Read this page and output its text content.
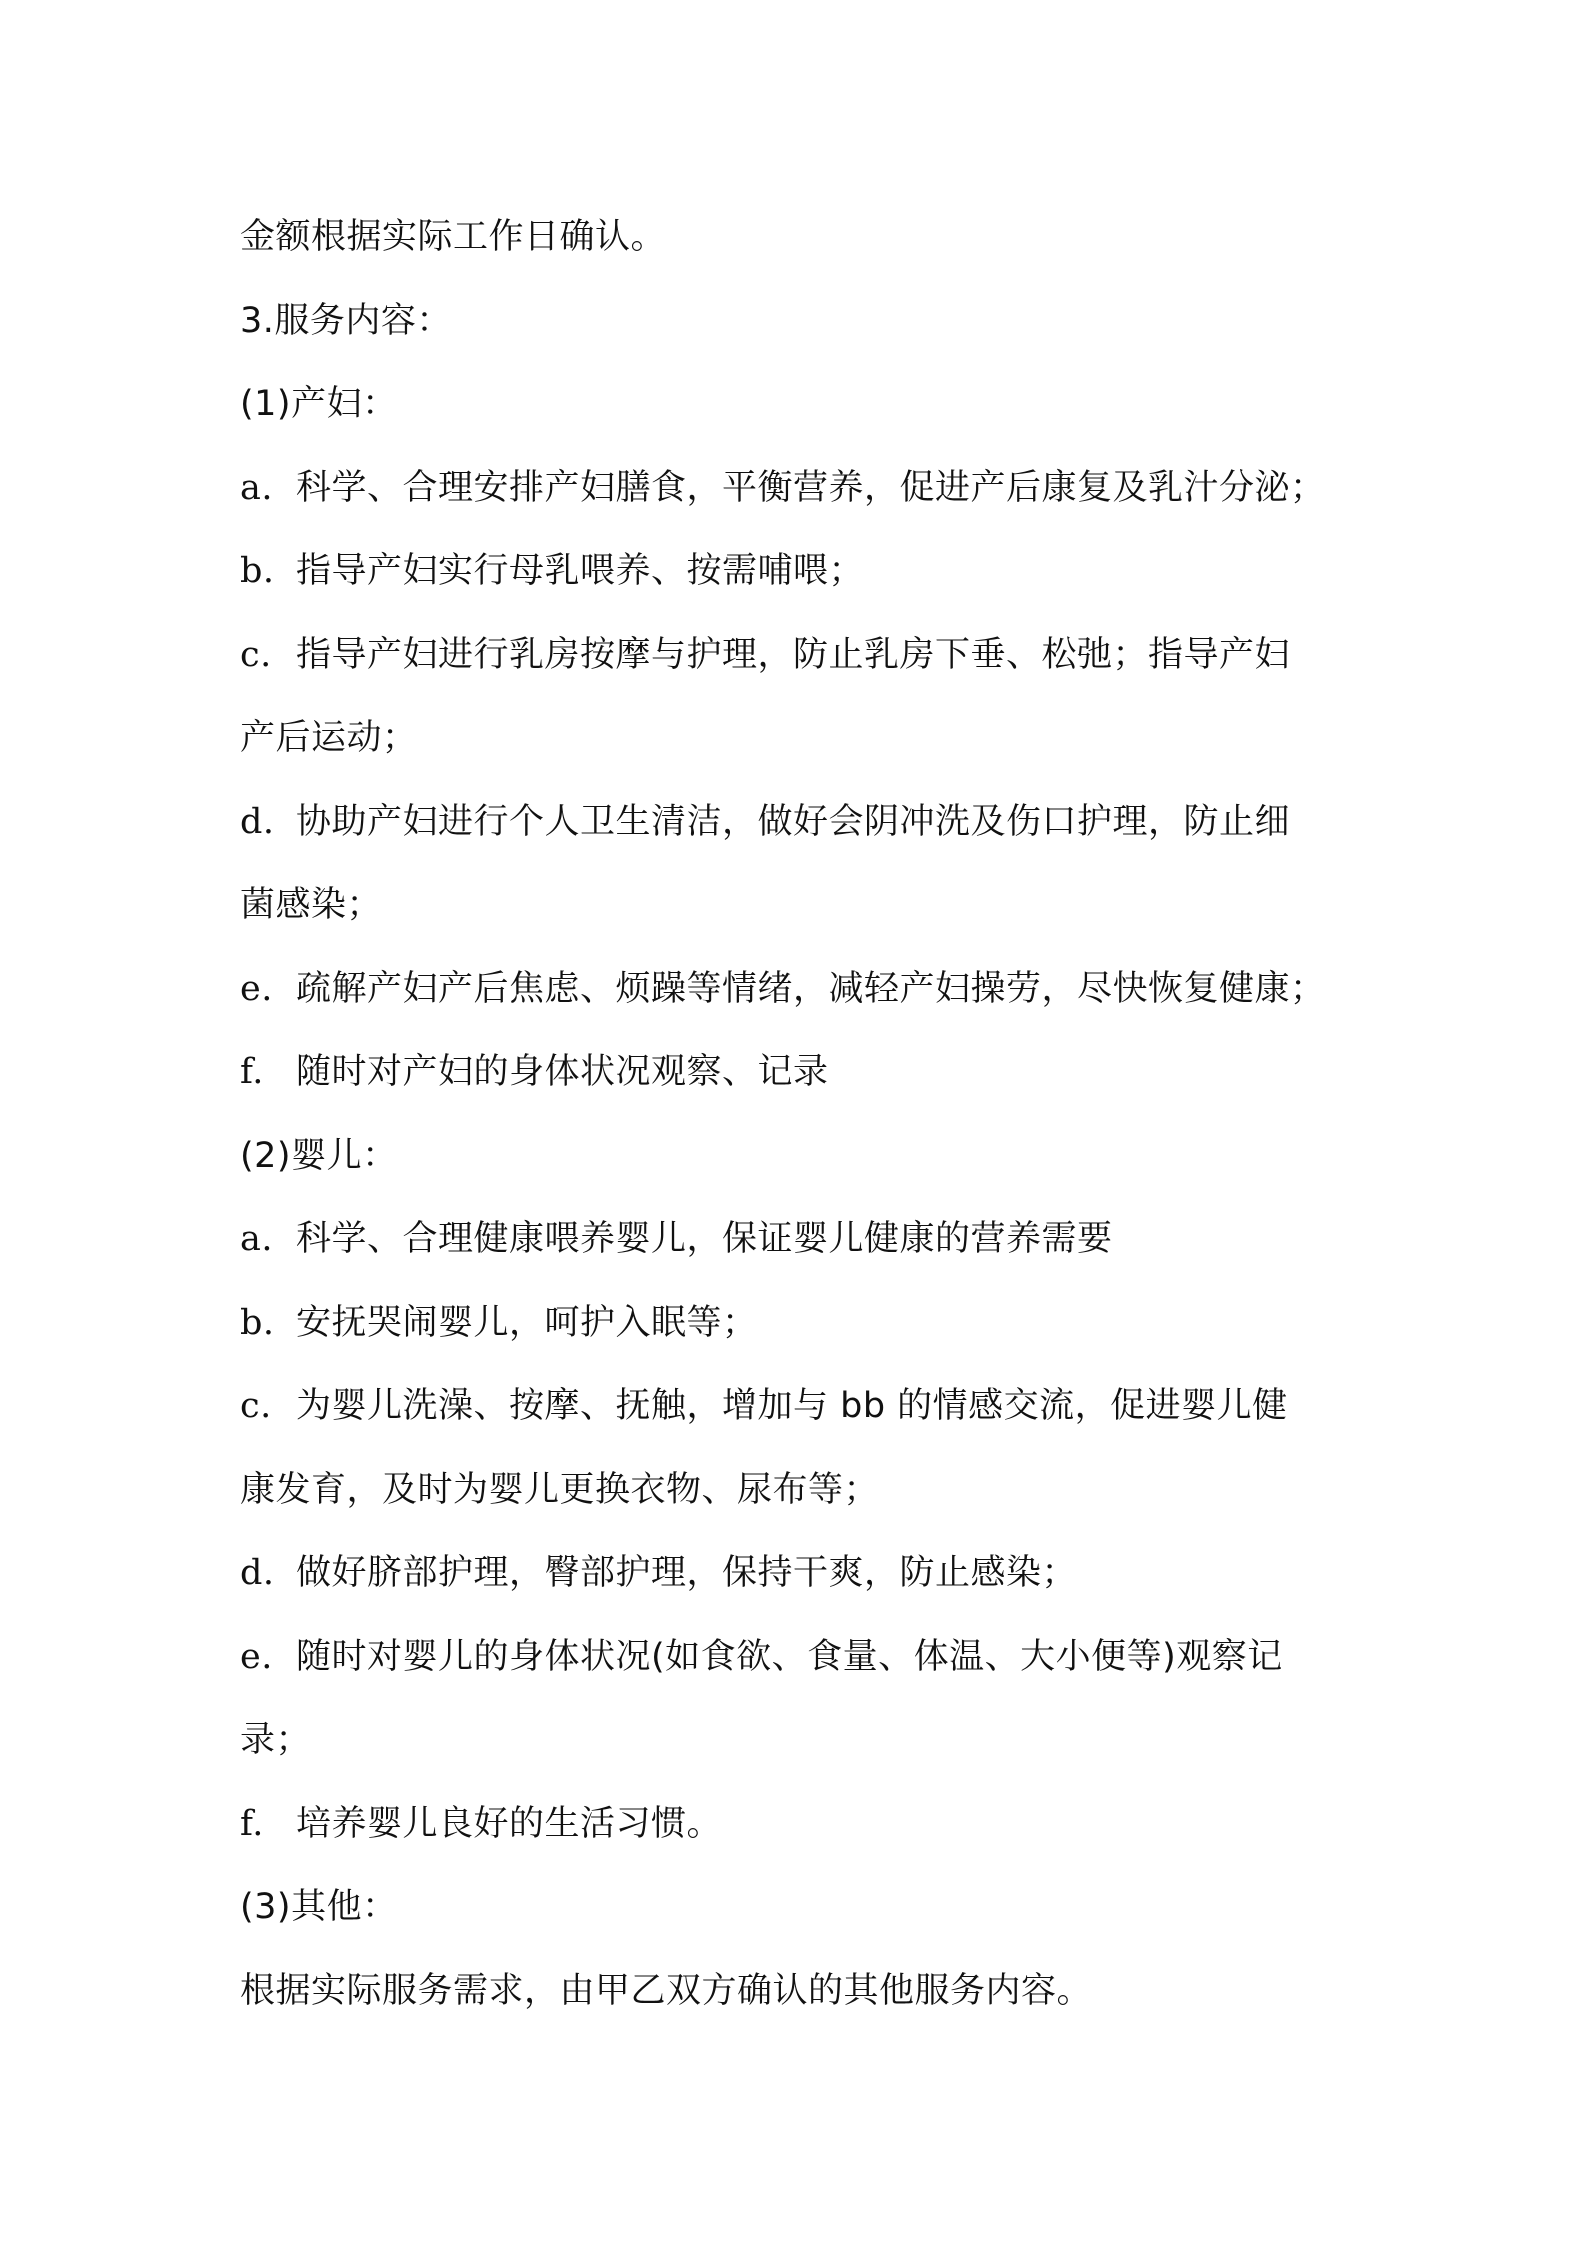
金额根据实际工作日确认。
3.服务内容：
(1)产妇：
a. 科学、合理安排产妇膳食，平衡营养，促进产后康复及乳汁分泌；
b. 指导产妇实行母乳喂养、按需哺喂；
c. 指导产妇进行乳房按摩与护理，防止乳房下垂、松弛；指导产妇
产后运动；
d. 协助产妇进行个人卫生清洁，做好会阴冲洗及伤口护理，防止细
菌感染；
e. 疏解产妇产后焦虑、烦躁等情绪，减轻产妇操劳，尽快恢复健康；
f. 随时对产妇的身体状况观察、记录
(2)婴儿：
a. 科学、合理健康喂养婴儿，保证婴儿健康的营养需要
b. 安抚哭闹婴儿，呵护入眠等；
c. 为婴儿洗澡、按摩、抚触，增加与 bb 的情感交流，促进婴儿健
康发育，及时为婴儿更换衣物、尿布等；
d. 做好脐部护理，臀部护理，保持干爽，防止感染；
e. 随时对婴儿的身体状况(如食欲、食量、体温、大小便等)观察记
录；
f. 培养婴儿良好的生活习惯。
(3)其他：
根据实际服务需求，由甲乙双方确认的其他服务内容。
